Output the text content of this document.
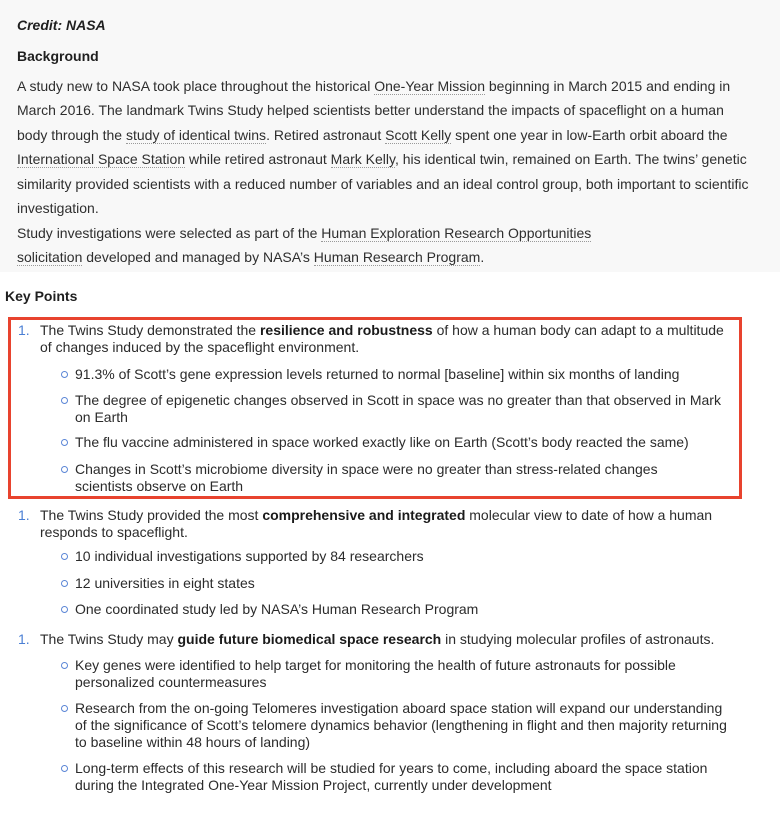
Credit: NASA
Background
A study new to NASA took place throughout the historical One-Year Mission beginning in March 2015 and ending in March 2016. The landmark Twins Study helped scientists better understand the impacts of spaceflight on a human body through the study of identical twins. Retired astronaut Scott Kelly spent one year in low-Earth orbit aboard the International Space Station while retired astronaut Mark Kelly, his identical twin, remained on Earth. The twins’ genetic similarity provided scientists with a reduced number of variables and an ideal control group, both important to scientific investigation.
Study investigations were selected as part of the Human Exploration Research Opportunities solicitation developed and managed by NASA’s Human Research Program.
Key Points
1. The Twins Study demonstrated the resilience and robustness of how a human body can adapt to a multitude of changes induced by the spaceflight environment.
91.3% of Scott’s gene expression levels returned to normal [baseline] within six months of landing
The degree of epigenetic changes observed in Scott in space was no greater than that observed in Mark on Earth
The flu vaccine administered in space worked exactly like on Earth (Scott’s body reacted the same)
Changes in Scott’s microbiome diversity in space were no greater than stress-related changes scientists observe on Earth
1. The Twins Study provided the most comprehensive and integrated molecular view to date of how a human responds to spaceflight.
10 individual investigations supported by 84 researchers
12 universities in eight states
One coordinated study led by NASA’s Human Research Program
1. The Twins Study may guide future biomedical space research in studying molecular profiles of astronauts.
Key genes were identified to help target for monitoring the health of future astronauts for possible personalized countermeasures
Research from the on-going Telomeres investigation aboard space station will expand our understanding of the significance of Scott’s telomere dynamics behavior (lengthening in flight and then majority returning to baseline within 48 hours of landing)
Long-term effects of this research will be studied for years to come, including aboard the space station during the Integrated One-Year Mission Project, currently under development
